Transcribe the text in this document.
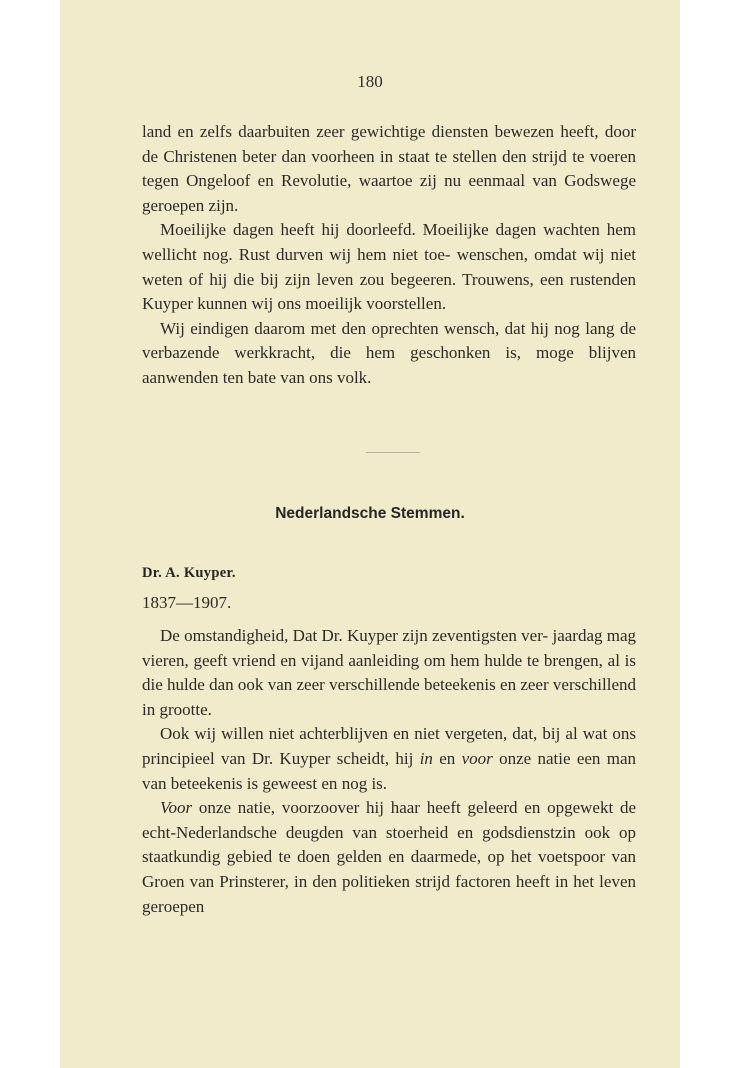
180

land en zelfs daarbuiten zeer gewichtige diensten bewezen heeft, door de Christenen beter dan voorheen in staat te stellen den strijd te voeren tegen Ongeloof en Revolutie, waartoe zij nu eenmaal van Godswege geroepen zijn.

Moeilijke dagen heeft hij doorleefd. Moeilijke dagen wachten hem wellicht nog. Rust durven wij hem niet toe- wenschen, omdat wij niet weten of hij die bij zijn leven zou begeeren. Trouwens, een rustenden Kuyper kunnen wij ons moeilijk voorstellen.

Wij eindigen daarom met den oprechten wensch, dat hij nog lang de verbazende werkkracht, die hem geschonken is, moge blijven aanwenden ten bate van ons volk.

Nederlandsche Stemmen.
Dr. A. Kuyper.
1837—1907.

De omstandigheid, Dat Dr. Kuyper zijn zeventigsten ver- jaardag mag vieren, geeft vriend en vijand aanleiding om hem hulde te brengen, al is die hulde dan ook van zeer verschillende beteekenis en zeer verschillend in grootte.

Ook wij willen niet achterblijven en niet vergeten, dat, bij al wat ons principieel van Dr. Kuyper scheidt, hij in en voor onze natie een man van beteekenis is geweest en nog is.

Voor onze natie, voorzoover hij haar heeft geleerd en opgewekt de echt-Nederlandsche deugden van stoerheid en godsdienstzin ook op staatkundig gebied te doen gelden en daarmede, op het voetspoor van Groen van Prinsterer, in den politieken strijd factoren heeft in het leven geroepen
